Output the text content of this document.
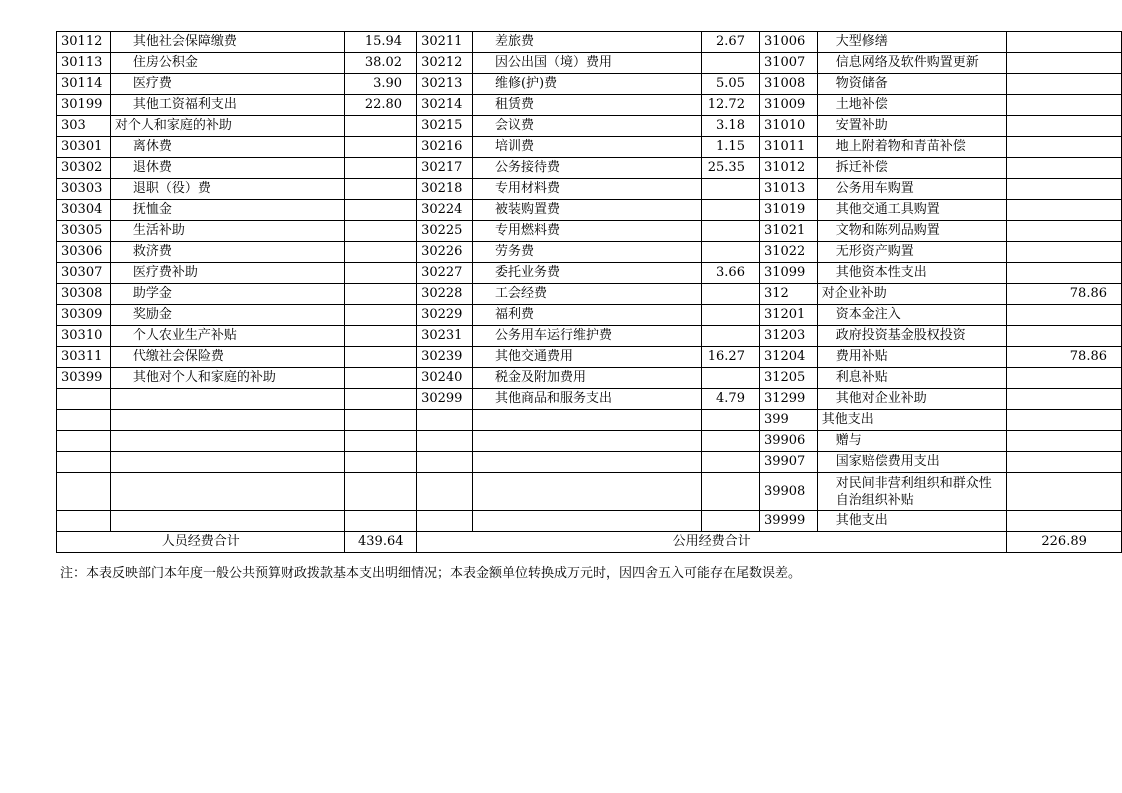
30112	其他社会保障缴费	15.94	30211	差旅费	2.67	31006	大型修缮	
30113	住房公积金	38.02	30212	因公出国（境）费用		31007	信息网络及软件购置更新	
30114	医疗费	3.90	30213	维修(护)费	5.05	31008	物资储备	
30199	其他工资福利支出	22.80	30214	租赁费	12.72	31009	土地补偿	
303	对个人和家庭的补助		30215	会议费	3.18	31010	安置补助	
30301	离休费		30216	培训费	1.15	31011	地上附着物和青苗补偿	
30302	退休费		30217	公务接待费	25.35	31012	拆迁补偿	
30303	退职（役）费		30218	专用材料费		31013	公务用车购置	
30304	抚恤金		30224	被装购置费		31019	其他交通工具购置	
30305	生活补助		30225	专用燃料费		31021	文物和陈列品购置	
30306	救济费		30226	劳务费		31022	无形资产购置	
30307	医疗费补助		30227	委托业务费	3.66	31099	其他资本性支出	
30308	助学金		30228	工会经费		312	对企业补助	78.86
30309	奖励金		30229	福利费		31201	资本金注入	
30310	个人农业生产补贴		30231	公务用车运行维护费		31203	政府投资基金股权投资	
30311	代缴社会保险费		30239	其他交通费用	16.27	31204	费用补贴	78.86
30399	其他对个人和家庭的补助		30240	税金及附加费用		31205	利息补贴	
			30299	其他商品和服务支出	4.79	31299	其他对企业补助	
						399	其他支出	
						39906	赠与	
						39907	国家赔偿费用支出	
						39908	对民间非营利组织和群众性自治组织补贴	
						39999	其他支出	
人员经费合计		439.64	公用经费合计					226.89
注：本表反映部门本年度一般公共预算财政拨款基本支出明细情况；本表金额单位转换成万元时，因四舍五入可能存在尾数误差。
